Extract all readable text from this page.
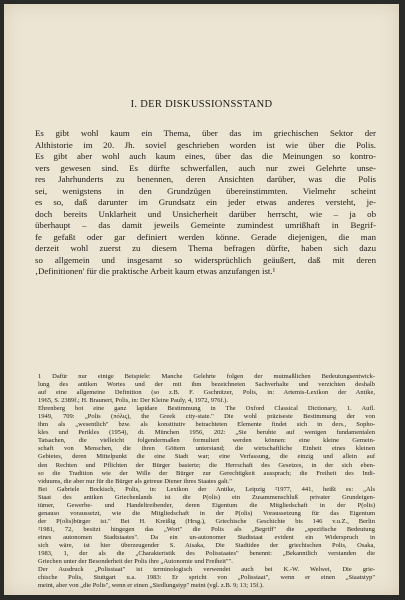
I. DER DISKUSSIONSSTAND
Es gibt wohl kaum ein Thema, über das im griechischen Sektor der
Althistorie im 20. Jh. soviel geschrieben worden ist wie über die Polis.
Es gibt aber wohl auch kaum eines, über das die Meinungen so kontro-
vers gewesen sind. Es dürfte schwerfallen, auch nur zwei Gelehrte unse-
res Jahrhunderts zu benennen, deren Ansichten darüber, was die Polis
sei, wenigstens in den Grundzügen übereinstimmten. Vielmehr scheint
es so, daß darunter im Grundsatz ein jeder etwas anderes versteht, je-
doch bereits Unklarheit und Unsicherheit darüber herrscht, wie – ja ob
überhaupt – das damit jeweils Gemeinte zumindest umrißhaft in Begrif-
fe gefaßt oder gar definiert werden könne. Gerade diejenigen, die man
derzeit wohl zuerst zu diesem Thema befragen dürfte, haben sich dazu
so allgemein und insgesamt so widersprüchlich geäußert, daß mit deren
‚Definitionen' für die praktische Arbeit kaum etwas anzufangen ist.¹
1 Dafür nur einige Beispiele: Manche Gelehrte folgen der mutmaßlichen Bedeutungsentwick-
lung des antiken Wortes und der mit ihm bezeichneten Sachverhalte und verzichten deshalb
auf eine allgemeine Definition (so z.B. F. Gschnitzer, Polis, in: Artemis-Lexikon der Antike,
1965, S. 2389f.; H. Braunert, Polis, in: Der Kleine Pauly, 4, 1972, 976f.).
Ehrenberg bot eine ganz lapidare Bestimmung in The Oxford Classical Dictionary, 1. Aufl.
1949, 709: „Polis (πόλις), the Greek city-state." Die wohl präziseste Bestimmung der von
ihm als „wesentlich" bzw. als konstitutiv betrachteten Elemente findet sich in ders., Sopho-
kles und Perikles (1954), dt. München 1956, 202: „Sie beruhte auf wenigen fundamentalen
Tatsachen, die vielleicht folgendermaßen formuliert werden können: eine kleine Gemein-
schaft von Menschen, die ihren Göttern unterstand; die wirtschaftliche Einheit eines kleinen
Gebietes, deren Mittelpunkt die eine Stadt war; eine Verfassung, die einzig und allein auf
den Rechten und Pflichten der Bürger basierte; die Herrschaft des Gesetzes, in der sich eben-
so die Tradition wie der Wille der Bürger zur Gerechtigkeit aussprach; die Freiheit des Indi-
viduums, die aber nur für die Bürger als getreue Diener ihres Staates galt."
Bei Gabriele Bockisch, Polis, in: Lexikon der Antike, Leipzig ²1977, 441, heißt es: „Als
Staat des antiken Griechenlands ist die P(olis) ein Zusammenschluß privater Grundeigen-
tümer, Gewerbe- und Handeltreibender, deren Eigentum die Mitgliedschaft in der P(olis)
genauso voraussetzt, wie die Mitgliedschaft in der P(olis) Voraussetzung für das Eigentum
der P(olis)bürger ist." Bei H. Kreißig (Hrsg.), Griechische Geschichte bis 146 v.u.Z., Berlin
²1981, 72, besitzt hingegen das „Wort" die Polis als „Begriff" die „spezifische Bedeutung
eines autonomen Stadtstaates". Da ein un-autonomer Stadtstaat evident ein Widerspruch in
sich wäre, ist hier überzeugender S. Aisaka, Die Stadtidee der griechischen Polis, Osaka,
1983, 1, der als die „Charakteristik des Polisstaates" benennt: „Bekanntlich verstanden die
Griechen unter der Besonderheit der Polis ihre „Autonomie und Freiheit"".
Der Ausdruck „Polisstaat" ist terminologisch verwendet auch bei K.-W. Welwei, Die grie-
chische Polis, Stuttgart u.a. 1983: Er spricht von „Polisstaat", wenn er einen „Staatstyp"
meint, aber von „die Polis", wenn er einen „Siedlungstyp" meint (vgl. z.B. 9; 13; 15f.).
